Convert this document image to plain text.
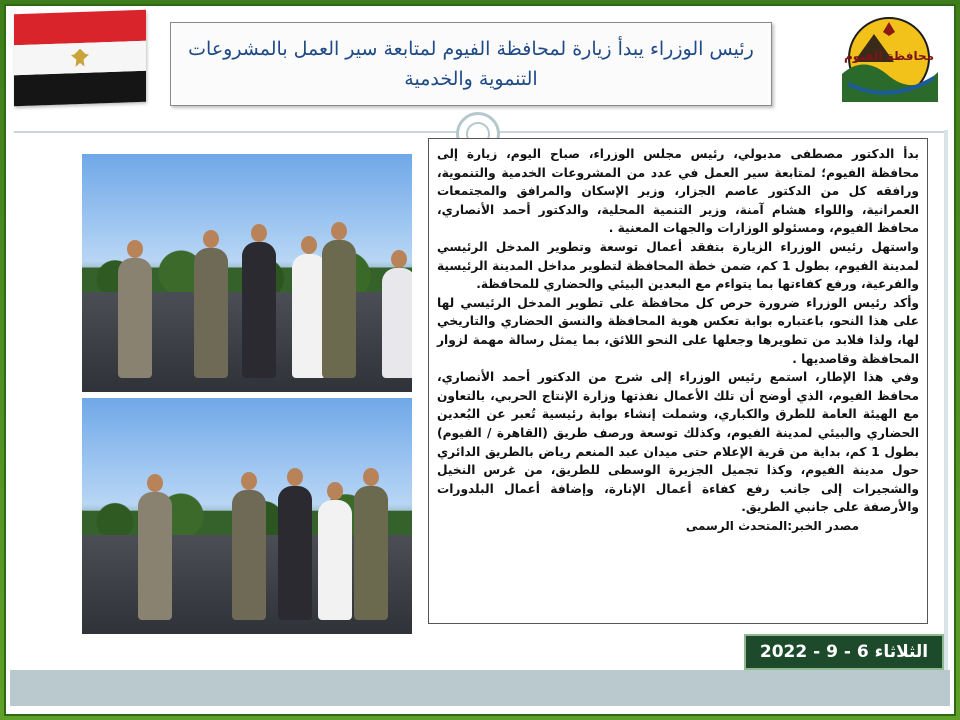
رئيس الوزراء يبدأ زيارة لمحافظة الفيوم لمتابعة سير العمل بالمشروعات التنموية والخدمية
محافظة الفيوم

بدأ الدكتور مصطفى مدبولي، رئيس مجلس الوزراء، صباح اليوم، زيارة إلى محافظة الفيوم؛ لمتابعة سير العمل في عدد من المشروعات الخدمية والتنموية، ورافقه كل من الدكتور عاصم الجزار، وزير الإسكان والمرافق والمجتمعات العمرانية، واللواء هشام آمنة، وزير التنمية المحلية، والدكتور أحمد الأنصاري، محافظ الفيوم، ومسئولو الوزارات والجهات المعنية .

واستهل رئيس الوزراء الزيارة بتفقد أعمال توسعة وتطوير المدخل الرئيسي لمدينة الفيوم، بطول 1 كم، ضمن خطة المحافظة لتطوير مداخل المدينة الرئيسية والفرعية، ورفع كفاءتها بما يتواءم مع البعدين البيئي والحضاري للمحافظة.

وأكد رئيس الوزراء ضرورة حرص كل محافظة على تطوير المدخل الرئيسي لها على هذا النحو، باعتباره بوابة تعكس هوية المحافظة والنسق الحضاري والتاريخي لها، ولذا فلابد من تطويرها وجعلها على النحو اللائق، بما يمثل رسالة مهمة لزوار المحافظة وقاصديها .

وفي هذا الإطار، استمع رئيس الوزراء إلى شرح من الدكتور أحمد الأنصاري، محافظ الفيوم، الذي أوضح أن تلك الأعمال نفذتها وزارة الإنتاج الحربي، بالتعاون مع الهيئة العامة للطرق والكباري، وشملت إنشاء بوابة رئيسية تُعبر عن البُعدين الحضاري والبيئي لمدينة الفيوم، وكذلك توسعة ورصف طريق (القاهرة / الفيوم) بطول 1 كم، بداية من قرية الإعلام حتى ميدان عبد المنعم رياض بالطريق الدائري حول مدينة الفيوم، وكذا تجميل الجزيرة الوسطى للطريق، من غرس النخيل والشجيرات إلى جانب رفع كفاءة أعمال الإنارة، وإضافة أعمال البلدورات والأرصفة على جانبي الطريق.

مصدر الخبر:المتحدث الرسمى
الثلاثاء 6 - 9 - 2022
